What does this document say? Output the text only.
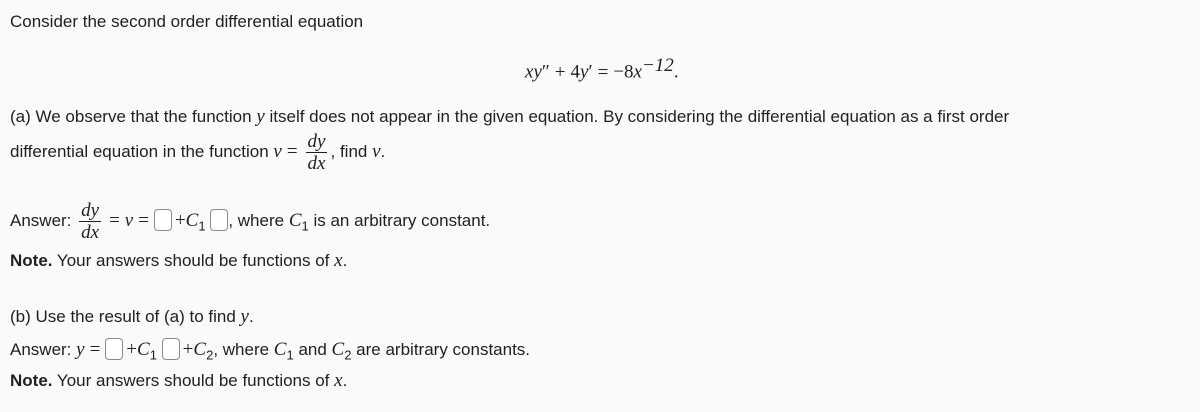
Consider the second order differential equation
$xy'' + 4y' = -8x^{-12}$.
(a) We observe that the function y itself does not appear in the given equation. By considering the differential equation as a first order
differential equation in the function $v = \frac{dy}{dx}$ , find v.
Answer: $\frac{dy}{dx} = v = +C_1$ , where $C_1$ is an arbitrary constant.
Note. Your answers should be functions of x.
(b) Use the result of (a) to find y.
Answer: $y = +C_1 +C_2$, where $C_1$ and $C_2$ are arbitrary constants.
Note. Your answers should be functions of x.
